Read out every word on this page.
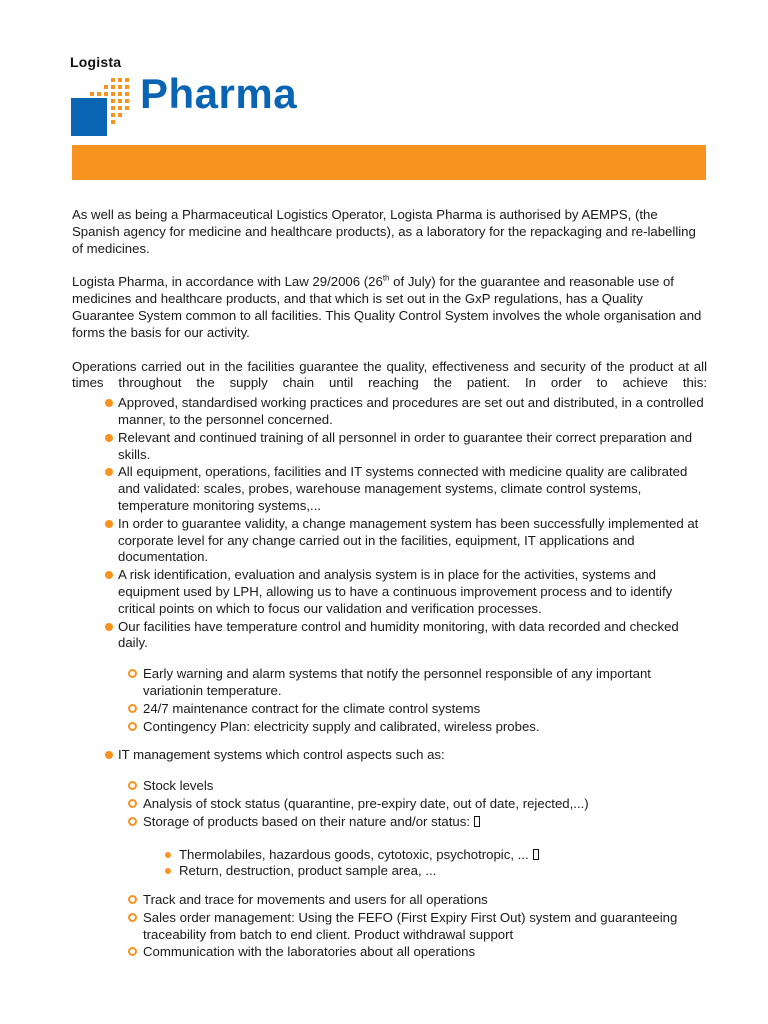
Logista
Pharma

As well as being a Pharmaceutical Logistics Operator, Logista Pharma is authorised by AEMPS, (the Spanish agency for medicine and healthcare products), as a laboratory for the repackaging and re-labelling of medicines.

Logista Pharma, in accordance with Law 29/2006 (26th of July) for the guarantee and reasonable use of medicines and healthcare products, and that which is set out in the GxP regulations, has a Quality Guarantee System common to all facilities. This Quality Control System involves the whole organisation and forms the basis for our activity.

Operations carried out in the facilities guarantee the quality, effectiveness and security of the product at all times throughout the supply chain until reaching the patient. In order to achieve this:

Approved, standardised working practices and procedures are set out and distributed, in a controlled manner, to the personnel concerned.
Relevant and continued training of all personnel in order to guarantee their correct preparation and skills.
All equipment, operations, facilities and IT systems connected with medicine quality are calibrated and validated: scales, probes, warehouse management systems, climate control systems, temperature monitoring systems,...
In order to guarantee validity, a change management system has been successfully implemented at corporate level for any change carried out in the facilities, equipment, IT applications and documentation.
A risk identification, evaluation and analysis system is in place for the activities, systems and equipment used by LPH, allowing us to have a continuous improvement process and to identify critical points on which to focus our validation and verification processes.
Our facilities have temperature control and humidity monitoring, with data recorded and checked daily.
Early warning and alarm systems that notify the personnel responsible of any important variationin temperature.
24/7 maintenance contract for the climate control systems
Contingency Plan: electricity supply and calibrated, wireless probes.
IT management systems which control aspects such as:
Stock levels
Analysis of stock status (quarantine, pre-expiry date, out of date, rejected,...)
Storage of products based on their nature and/or status:
Thermolabiles, hazardous goods, cytotoxic, psychotropic, ...
Return, destruction, product sample area, ...
Track and trace for movements and users for all operations
Sales order management: Using the FEFO (First Expiry First Out) system and guaranteeing traceability from batch to end client. Product withdrawal support
Communication with the laboratories about all operations
